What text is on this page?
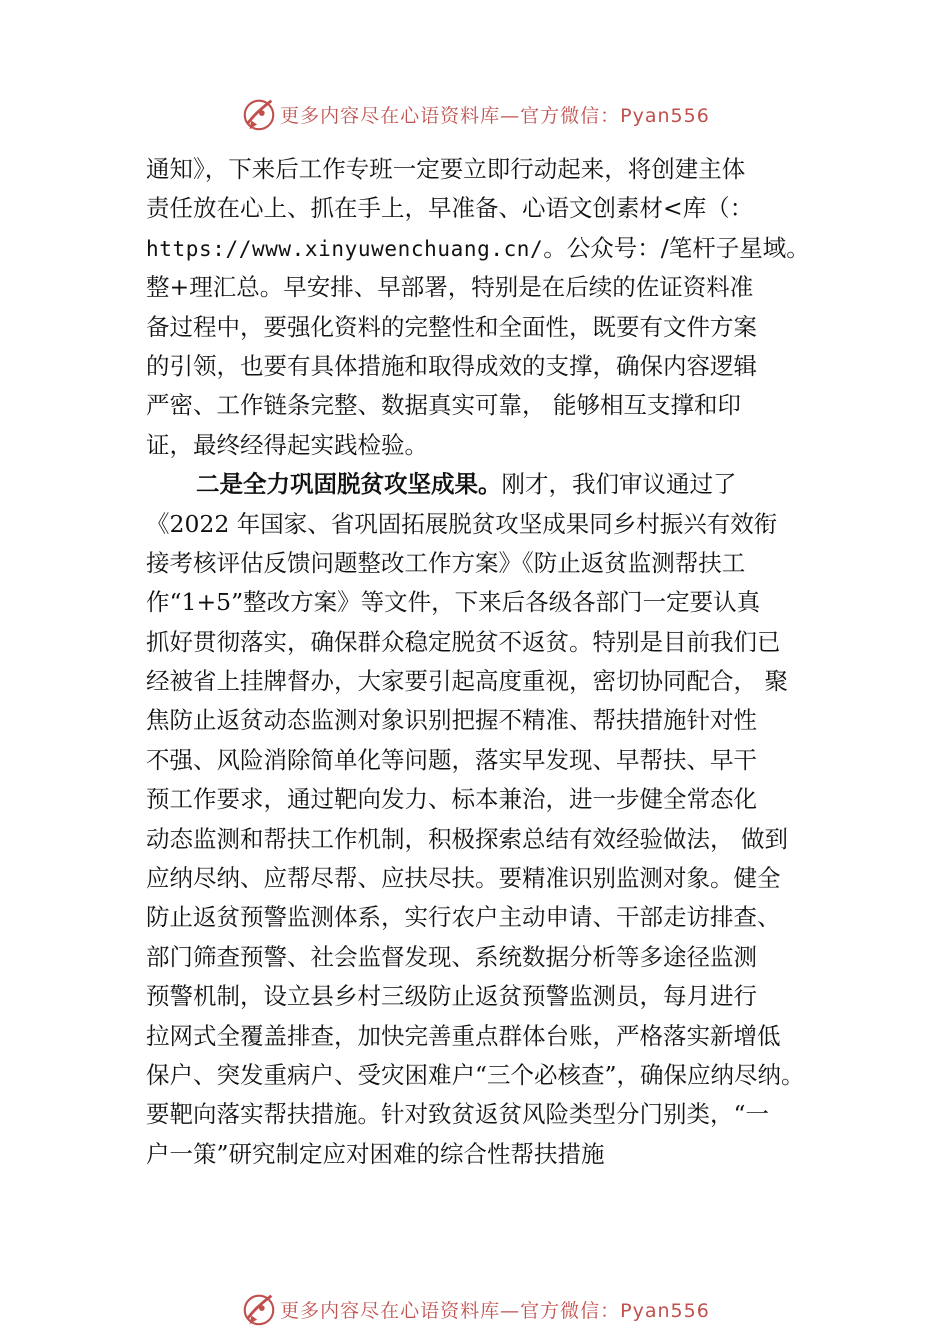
更多内容尽在心语资料库—官方微信：Pyan556
通知》，下来后工作专班一定要立即行动起来，将创建主体
责任放在心上、抓在手上，早准备、心语文创素材<库（：
https://www.xinyuwenchuang.cn/。公众号：/笔杆子星域。
整+理汇总。早安排、早部署，特别是在后续的佐证资料准
备过程中，要强化资料的完整性和全面性，既要有文件方案
的引领，也要有具体措施和取得成效的支撑，确保内容逻辑
严密、工作链条完整、数据真实可靠， 能够相互支撑和印
证，最终经得起实践检验。
二是全力巩固脱贫攻坚成果。刚才，我们审议通过了
《2022 年国家、省巩固拓展脱贫攻坚成果同乡村振兴有效衔
接考核评估反馈问题整改工作方案》《防止返贫监测帮扶工
作“1+5”整改方案》等文件，下来后各级各部门一定要认真
抓好贯彻落实，确保群众稳定脱贫不返贫。特别是目前我们已
经被省上挂牌督办，大家要引起高度重视，密切协同配合， 聚
焦防止返贫动态监测对象识别把握不精准、帮扶措施针对性
不强、风险消除简单化等问题，落实早发现、早帮扶、早干
预工作要求，通过靶向发力、标本兼治，进一步健全常态化
动态监测和帮扶工作机制，积极探索总结有效经验做法， 做到
应纳尽纳、应帮尽帮、应扶尽扶。要精准识别监测对象。健全
防止返贫预警监测体系，实行农户主动申请、干部走访排查、
部门筛查预警、社会监督发现、系统数据分析等多途径监测
预警机制，设立县乡村三级防止返贫预警监测员，每月进行
拉网式全覆盖排查，加快完善重点群体台账，严格落实新增低
保户、突发重病户、受灾困难户“三个必核查”，确保应纳尽纳。
要靶向落实帮扶措施。针对致贫返贫风险类型分门别类，“一
户一策”研究制定应对困难的综合性帮扶措施
更多内容尽在心语资料库—官方微信：Pyan556
